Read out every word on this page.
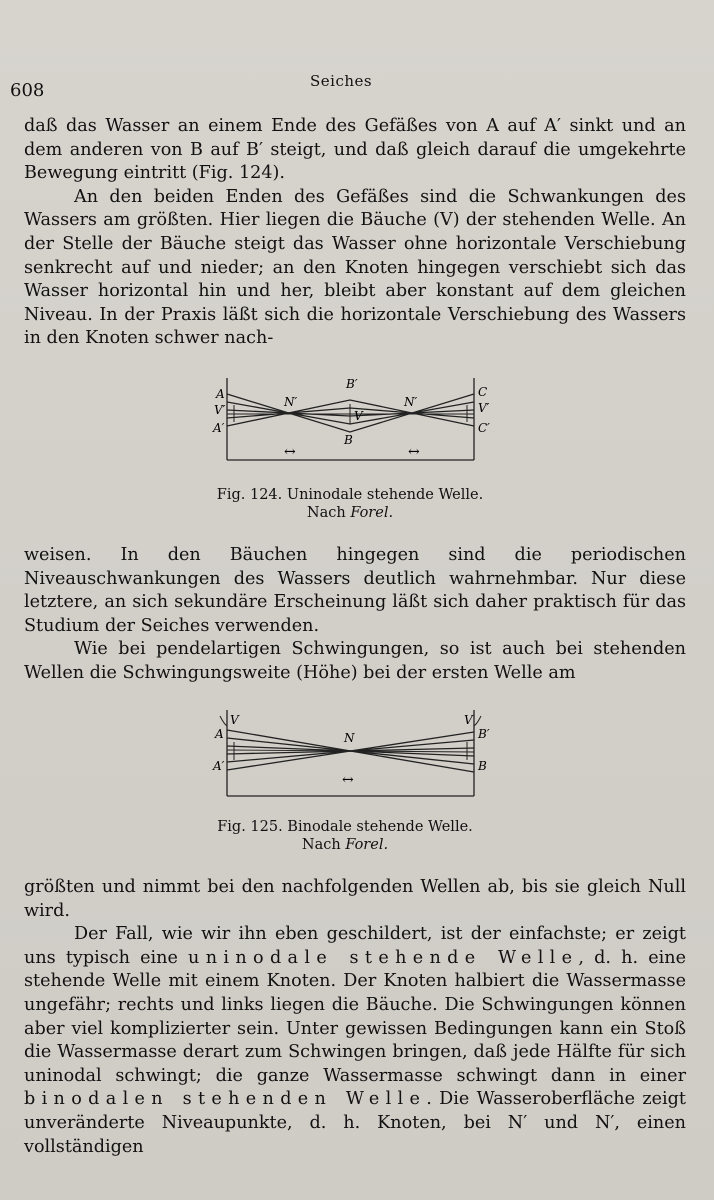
608	Seiches

daß das Wasser an einem Ende des Gefäßes von A auf A′ sinkt und an dem anderen von B auf B′ steigt, und daß gleich darauf die umgekehrte Bewegung eintritt (Fig. 124).

An den beiden Enden des Gefäßes sind die Schwankungen des Wassers am größten. Hier liegen die Bäuche (V) der stehenden Welle. An der Stelle der Bäuche steigt das Wasser ohne horizontale Verschiebung senkrecht auf und nieder; an den Knoten hingegen verschiebt sich das Wasser horizontal hin und her, bleibt aber konstant auf dem gleichen Niveau. In der Praxis läßt sich die horizontale Verschiebung des Wassers in den Knoten schwer nach-

A
V′
A′
B′
N′	N′
V
B
C
V′
C′
↔	↔
Fig. 124. Uninodale stehende Welle.
Nach Forel.

weisen. In den Bäuchen hingegen sind die periodischen Niveauschwankungen des Wassers deutlich wahrnehmbar. Nur diese letztere, an sich sekundäre Erscheinung läßt sich daher praktisch für das Studium der Seiches verwenden.

Wie bei pendelartigen Schwingungen, so ist auch bei stehenden Wellen die Schwingungsweite (Höhe) bei der ersten Welle am

V
A
A′
N
V
B′
B
↔
Fig. 125. Binodale stehende Welle.
Nach Forel.

größten und nimmt bei den nachfolgenden Wellen ab, bis sie gleich Null wird.

Der Fall, wie wir ihn eben geschildert, ist der einfachste; er zeigt uns typisch eine uninodale stehende Welle, d. h. eine stehende Welle mit einem Knoten. Der Knoten halbiert die Wassermasse ungefähr; rechts und links liegen die Bäuche. Die Schwingungen können aber viel komplizierter sein. Unter gewissen Bedingungen kann ein Stoß die Wassermasse derart zum Schwingen bringen, daß jede Hälfte für sich uninodal schwingt; die ganze Wassermasse schwingt dann in einer binodalen stehenden Welle. Die Wasseroberfläche zeigt unveränderte Niveaupunkte, d. h. Knoten, bei N′ und N′, einen vollständigen
